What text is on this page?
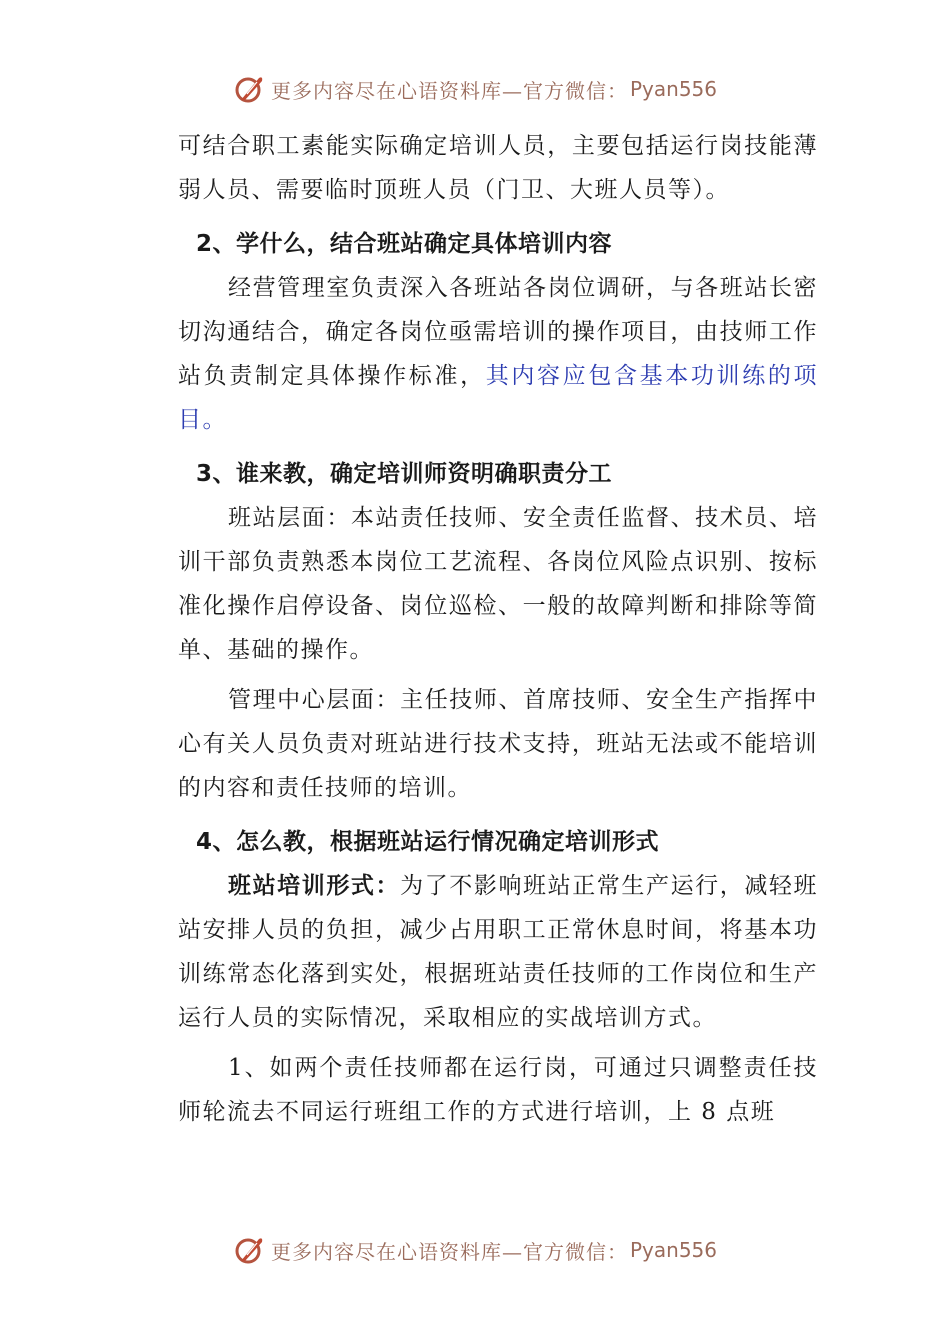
更多内容尽在心语资料库—官方微信： Pyan556

可结合职工素能实际确定培训人员，主要包括运行岗技能薄弱人员、需要临时顶班人员（门卫、大班人员等）。

2、学什么，结合班站确定具体培训内容

经营管理室负责深入各班站各岗位调研，与各班站长密切沟通结合，确定各岗位亟需培训的操作项目，由技师工作站负责制定具体操作标准，其内容应包含基本功训练的项目。

3、谁来教，确定培训师资明确职责分工

班站层面：本站责任技师、安全责任监督、技术员、培训干部负责熟悉本岗位工艺流程、各岗位风险点识别、按标准化操作启停设备、岗位巡检、一般的故障判断和排除等简单、基础的操作。

管理中心层面：主任技师、首席技师、安全生产指挥中心有关人员负责对班站进行技术支持，班站无法或不能培训的内容和责任技师的培训。

4、怎么教，根据班站运行情况确定培训形式

班站培训形式：为了不影响班站正常生产运行，减轻班站安排人员的负担，减少占用职工正常休息时间，将基本功训练常态化落到实处，根据班站责任技师的工作岗位和生产运行人员的实际情况，采取相应的实战培训方式。

1、如两个责任技师都在运行岗，可通过只调整责任技师轮流去不同运行班组工作的方式进行培训，上 8 点班

更多内容尽在心语资料库—官方微信： Pyan556
